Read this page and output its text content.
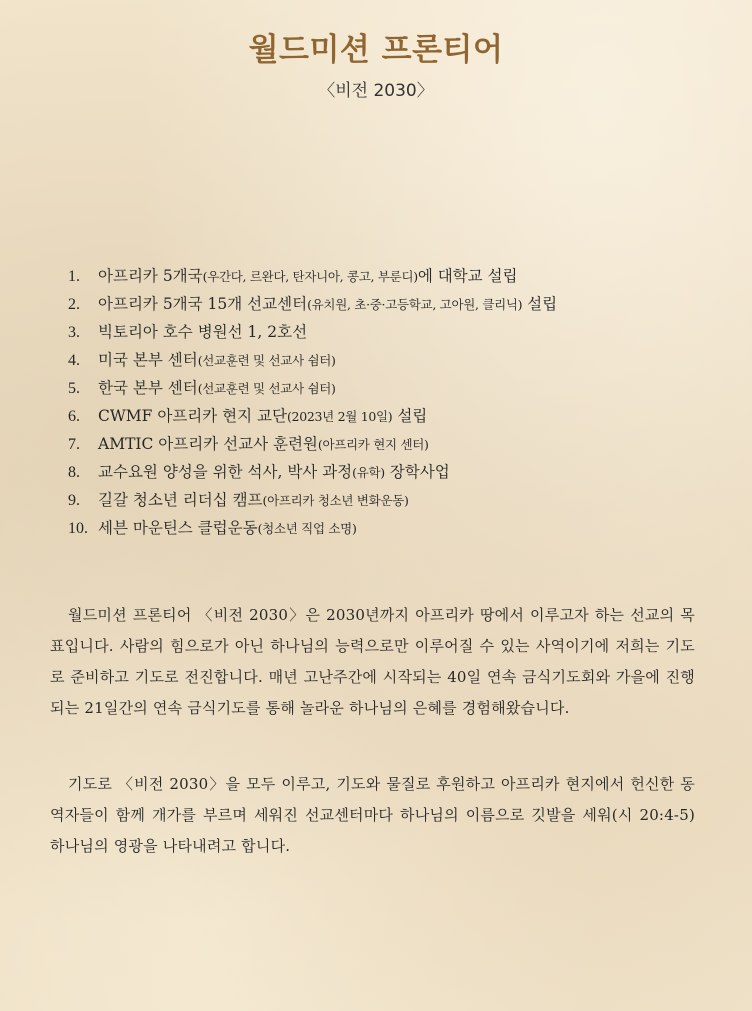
월드미션 프론티어
〈비전 2030〉
1. 아프리카 5개국(우간다, 르완다, 탄자니아, 콩고, 부룬디)에 대학교 설립
2. 아프리카 5개국 15개 선교센터(유치원, 초·중·고등학교, 고아원, 클리닉) 설립
3. 빅토리아 호수 병원선 1, 2호선
4. 미국 본부 센터(선교훈련 및 선교사 쉼터)
5. 한국 본부 센터(선교훈련 및 선교사 쉼터)
6. CWMF 아프리카 현지 교단(2023년 2월 10일) 설립
7. AMTIC 아프리카 선교사 훈련원(아프리카 현지 센터)
8. 교수요원 양성을 위한 석사, 박사 과정(유학) 장학사업
9. 길갈 청소년 리더십 캠프(아프리카 청소년 변화운동)
10. 세븐 마운틴스 클럽운동(청소년 직업 소명)

월드미션 프론티어 〈비전 2030〉은 2030년까지 아프리카 땅에서 이루고자 하는 선교의 목표입니다. 사람의 힘으로가 아닌 하나님의 능력으로만 이루어질 수 있는 사역이기에 저희는 기도로 준비하고 기도로 전진합니다. 매년 고난주간에 시작되는 40일 연속 금식기도회와 가을에 진행되는 21일간의 연속 금식기도를 통해 놀라운 하나님의 은혜를 경험해왔습니다.

기도로 〈비전 2030〉을 모두 이루고, 기도와 물질로 후원하고 아프리카 현지에서 헌신한 동역자들이 함께 개가를 부르며 세워진 선교센터마다 하나님의 이름으로 깃발을 세워(시 20:4-5) 하나님의 영광을 나타내려고 합니다.
